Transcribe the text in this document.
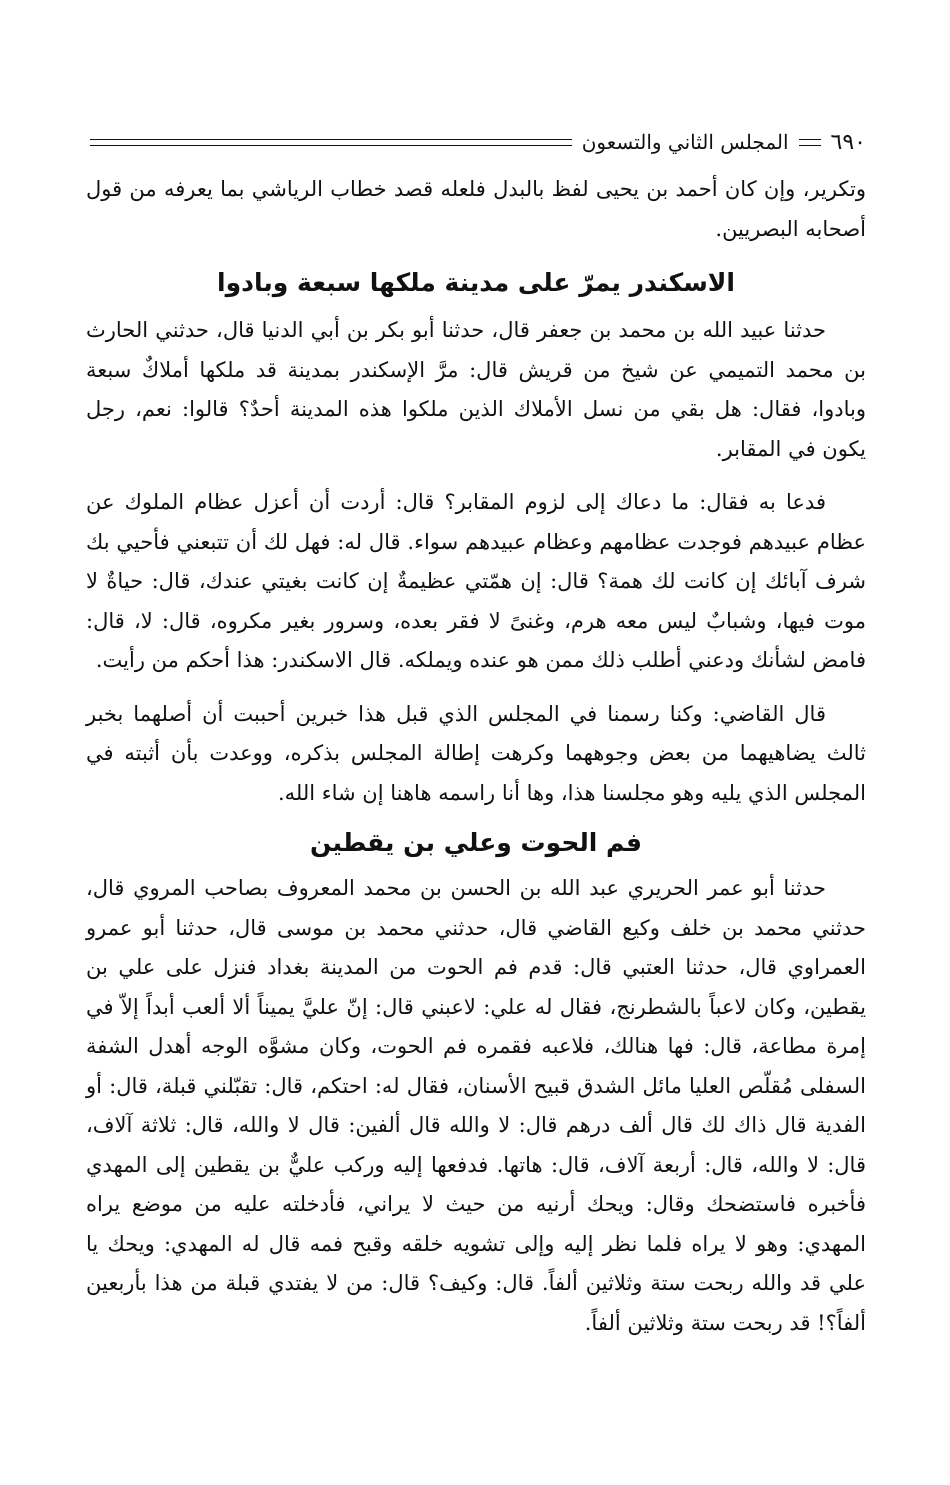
٦٩٠
المجلس الثاني والتسعون

وتكرير، وإن كان أحمد بن يحيى لفظ بالبدل فلعله قصد خطاب الرياشي بما يعرفه من قول أصحابه البصريين.

الاسكندر يمرّ على مدينة ملكها سبعة وبادوا

حدثنا عبيد الله بن محمد بن جعفر قال، حدثنا أبو بكر بن أبي الدنيا قال، حدثني الحارث بن محمد التميمي عن شيخ من قريش قال: مرَّ الإسكندر بمدينة قد ملكها أملاكٌ سبعة وبادوا، فقال: هل بقي من نسل الأملاك الذين ملكوا هذه المدينة أحدٌ؟ قالوا: نعم، رجل يكون في المقابر.

فدعا به فقال: ما دعاك إلى لزوم المقابر؟ قال: أردت أن أعزل عظام الملوك عن عظام عبيدهم فوجدت عظامهم وعظام عبيدهم سواء. قال له: فهل لك أن تتبعني فأحيي بك شرف آبائك إن كانت لك همة؟ قال: إن همّتي عظيمةٌ إن كانت بغيتي عندك، قال: حياةٌ لا موت فيها، وشبابٌ ليس معه هرم، وغنىً لا فقر بعده، وسرور بغير مكروه، قال: لا، قال: فامض لشأنك ودعني أطلب ذلك ممن هو عنده ويملكه. قال الاسكندر: هذا أحكم من رأيت.

قال القاضي: وكنا رسمنا في المجلس الذي قبل هذا خبرين أحببت أن أصلهما بخبر ثالث يضاهيهما من بعض وجوههما وكرهت إطالة المجلس بذكره، ووعدت بأن أثبته في المجلس الذي يليه وهو مجلسنا هذا، وها أنا راسمه هاهنا إن شاء الله.

فم الحوت وعلي بن يقطين

حدثنا أبو عمر الحريري عبد الله بن الحسن بن محمد المعروف بصاحب المروي قال، حدثني محمد بن خلف وكيع القاضي قال، حدثني محمد بن موسى قال، حدثنا أبو عمرو العمراوي قال، حدثنا العتبي قال: قدم فم الحوت من المدينة بغداد فنزل على علي بن يقطين، وكان لاعباً بالشطرنج، فقال له علي: لاعبني قال: إنّ عليَّ يميناً ألا ألعب أبداً إلاّ في إمرة مطاعة، قال: فها هنالك، فلاعبه فقمره فم الحوت، وكان مشوَّه الوجه أهدل الشفة السفلى مُقلّص العليا مائل الشدق قبيح الأسنان، فقال له: احتكم، قال: تقبّلني قبلة، قال: أو الفدية قال ذاك لك قال ألف درهم قال: لا والله قال ألفين: قال لا والله، قال: ثلاثة آلاف، قال: لا والله، قال: أربعة آلاف، قال: هاتها. فدفعها إليه وركب عليٌّ بن يقطين إلى المهدي فأخبره فاستضحك وقال: ويحك أرنيه من حيث لا يراني، فأدخلته عليه من موضع يراه المهدي: وهو لا يراه فلما نظر إليه وإلى تشويه خلقه وقبح فمه قال له المهدي: ويحك يا علي قد والله ربحت ستة وثلاثين ألفاً. قال: وكيف؟ قال: من لا يفتدي قبلة من هذا بأربعين ألفاً؟! قد ربحت ستة وثلاثين ألفاً.
